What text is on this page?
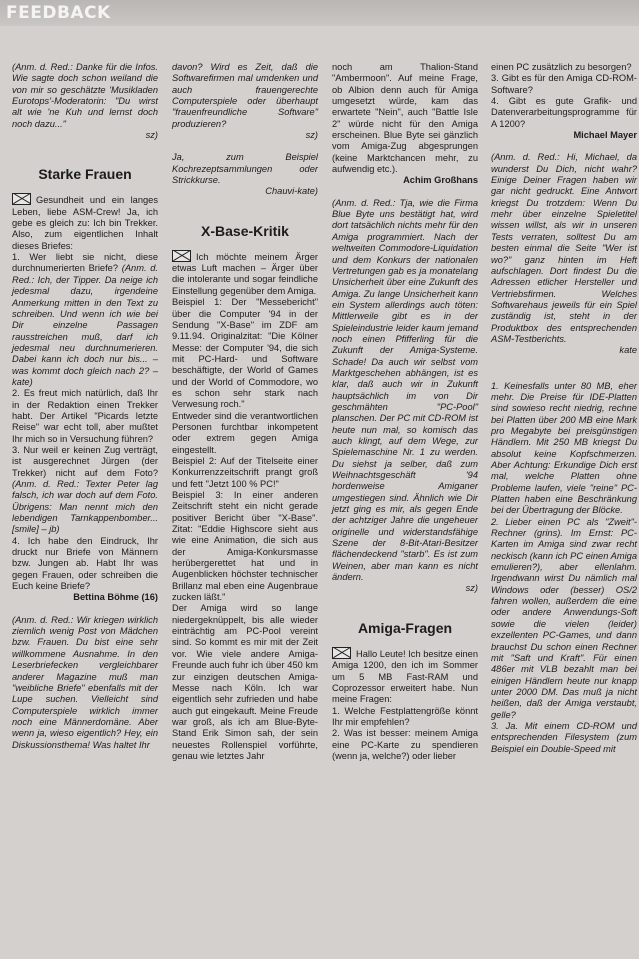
FEEDBACK

(Anm. d. Red.: Danke für die Infos. Wie sagte doch schon weiland die von mir so geschätzte 'Musikladen Eurotops'-Moderatorin: "Du wirst alt wie 'ne Kuh und lernst doch noch dazu..."

sz)

Starke Frauen

Gesundheit und ein langes Leben, liebe ASM-Crew! Ja, ich gebe es gleich zu: Ich bin Trekker. Also, zum eigentlichen Inhalt dieses Briefes:

1. Wer liebt sie nicht, diese durchnumerierten Briefe? (Anm. d. Red.: Ich, der Tipper. Da neige ich jedesmal dazu, irgendeine Anmerkung mitten in den Text zu schreiben. Und wenn ich wie bei Dir einzelne Passagen rausstreichen muß, darf ich jedesmal neu durchnumerieren. Dabei kann ich doch nur bis... – was kommt doch gleich nach 2? – kate)

2. Es freut mich natürlich, daß Ihr in der Redaktion einen Trekker habt. Der Artikel "Picards letzte Reise" war echt toll, aber mußtet Ihr mich so in Versuchung führen?

3. Nur weil er keinen Zug verträgt, ist ausgerechnet Jürgen (der Trekker) nicht auf dem Foto? (Anm. d. Red.: Texter Peter lag falsch, ich war doch auf dem Foto. Übrigens: Man nennt mich den lebendigen Tarnkappenbomber... [smile] – jb)

4. Ich habe den Eindruck, Ihr druckt nur Briefe von Männern bzw. Jungen ab. Habt Ihr was gegen Frauen, oder schreiben die Euch keine Briefe?

Bettina Böhme (16)

(Anm. d. Red.: Wir kriegen wirklich ziemlich wenig Post von Mädchen bzw. Frauen. Du bist eine sehr willkommene Ausnahme. In den Leserbriefecken vergleichbarer anderer Magazine muß man "weibliche Briefe" ebenfalls mit der Lupe suchen. Vielleicht sind Computerspiele wirklich immer noch eine Männerdomäne. Aber wenn ja, wieso eigentlich? Hey, ein Diskussionsthema! Was haltet Ihr

davon? Wird es Zeit, daß die Softwarefirmen mal umdenken und auch frauengerechte Computerspiele oder überhaupt "frauenfreundliche Software" produzieren?

sz)

Ja, zum Beispiel Kochrezeptsammlungen oder Strickkurse.

Chauvi-kate)

X-Base-Kritik

Ich möchte meinem Ärger etwas Luft machen – Ärger über die intolerante und sogar feindliche Einstellung gegenüber dem Amiga.

Beispiel 1: Der "Messebericht" über die Computer '94 in der Sendung "X-Base" im ZDF am 9.11.94. Originalzitat: "Die Kölner Messe: der Computer '94, die sich mit PC-Hard- und Software beschäftigte, der World of Games und der World of Commodore, wo es schon sehr stark nach Verwesung roch."

Entweder sind die verantwortlichen Personen furchtbar inkompetent oder extrem gegen Amiga eingestellt.

Beispiel 2: Auf der Titelseite einer Konkurrenzzeitschrift prangt groß und fett "Jetzt 100 % PC!"

Beispiel 3: In einer anderen Zeitschrift steht ein nicht gerade positiver Bericht über "X-Base". Zitat: "Eddie Highscore sieht aus wie eine Animation, die sich aus der Amiga-Konkursmasse herübergerettet hat und in Augenblicken höchster technischer Brillanz mal eben eine Augenbraue zucken läßt."

Der Amiga wird so lange niedergeknüppelt, bis alle wieder einträchtig am PC-Pool vereint sind. So kommt es mir mit der Zeit vor. Wie viele andere Amiga-Freunde auch fuhr ich über 450 km zur einzigen deutschen Amiga-Messe nach Köln. Ich war eigentlich sehr zufrieden und habe auch gut eingekauft. Meine Freude war groß, als ich am Blue-Byte-Stand Erik Simon sah, der sein neuestes Rollenspiel vorführte, genau wie letztes Jahr

noch am Thalion-Stand "Ambermoon". Auf meine Frage, ob Albion denn auch für Amiga umgesetzt würde, kam das erwartete "Nein", auch "Battle Isle 2" würde nicht für den Amiga erscheinen. Blue Byte sei gänzlich vom Amiga-Zug abgesprungen (keine Marktchancen mehr, zu aufwendig etc.).

Achim Großhans

(Anm. d. Red.: Tja, wie die Firma Blue Byte uns bestätigt hat, wird dort tatsächlich nichts mehr für den Amiga programmiert. Nach der weltweiten Commodore-Liquidation und dem Konkurs der nationalen Vertretungen gab es ja monatelang Unsicherheit über eine Zukunft des Amiga. Zu lange Unsicherheit kann ein System allerdings auch töten: Mittlerweile gibt es in der Spieleindustrie leider kaum jemand noch einen Pfifferling für die Zukunft der Amiga-Systeme. Schade! Da auch wir selbst vom Marktgeschehen abhängen, ist es klar, daß auch wir in Zukunft hauptsächlich im von Dir geschmähten "PC-Pool" planschen. Der PC mit CD-ROM ist heute nun mal, so komisch das auch klingt, auf dem Wege, zur Spielemaschine Nr. 1 zu werden. Du siehst ja selber, daß zum Weihnachtsgeschäft '94 hordenweise Amiganer umgestiegen sind. Ähnlich wie Dir jetzt ging es mir, als gegen Ende der achtziger Jahre die ungeheuer originelle und widerstandsfähige Szene der 8-Bit-Atari-Besitzer flächendeckend "starb". Es ist zum Weinen, aber man kann es nicht ändern.

sz)

Amiga-Fragen

Hallo Leute! Ich besitze einen Amiga 1200, den ich im Sommer um 5 MB Fast-RAM und Coprozessor erweitert habe. Nun meine Fragen:

1. Welche Festplattengröße könnt Ihr mir empfehlen?

2. Was ist besser: meinem Amiga eine PC-Karte zu spendieren (wenn ja, welche?) oder lieber

einen PC zusätzlich zu besorgen?

3. Gibt es für den Amiga CD-ROM-Software?

4. Gibt es gute Grafik- und Datenverarbeitungsprogramme für A 1200?

Michael Mayer

(Anm. d. Red.: Hi, Michael, da wunderst Du Dich, nicht wahr? Einige Deiner Fragen haben wir gar nicht gedruckt. Eine Antwort kriegst Du trotzdem: Wenn Du mehr über einzelne Spieletitel wissen willst, als wir in unseren Tests verraten, solltest Du am besten einmal die Seite "Wer ist wo?" ganz hinten im Heft aufschlagen. Dort findest Du die Adressen etlicher Hersteller und Vertriebsfirmen. Welches Softwarehaus jeweils für ein Spiel zuständig ist, steht in der Produktbox des entsprechenden ASM-Testberichts.

kate

1. Keinesfalls unter 80 MB, eher mehr. Die Preise für IDE-Platten sind sowieso recht niedrig, rechne bei Platten über 200 MB eine Mark pro Megabyte bei preisgünstigen Händlern. Mit 250 MB kriegst Du absolut keine Kopfschmerzen. Aber Achtung: Erkundige Dich erst mal, welche Platten ohne Probleme laufen, viele "reine" PC-Platten haben eine Beschränkung bei der Übertragung der Blöcke.

2. Lieber einen PC als "Zweit"-Rechner (grins). Im Ernst: PC-Karten im Amiga sind zwar recht neckisch (kann ich PC einen Amiga emulieren?), aber ellenlahm. Irgendwann wirst Du nämlich mal Windows oder (besser) OS/2 fahren wollen, außerdem die eine oder andere Anwendungs-Soft sowie die vielen (leider) exzellenten PC-Games, und dann brauchst Du schon einen Rechner mit "Saft und Kraft". Für einen 486er mit VLB bezahlt man bei einigen Händlern heute nur knapp unter 2000 DM. Das muß ja nicht heißen, daß der Amiga verstaubt, gelle?

3. Ja. Mit einem CD-ROM und entsprechenden Filesystem (zum Beispiel ein Double-Speed mit
